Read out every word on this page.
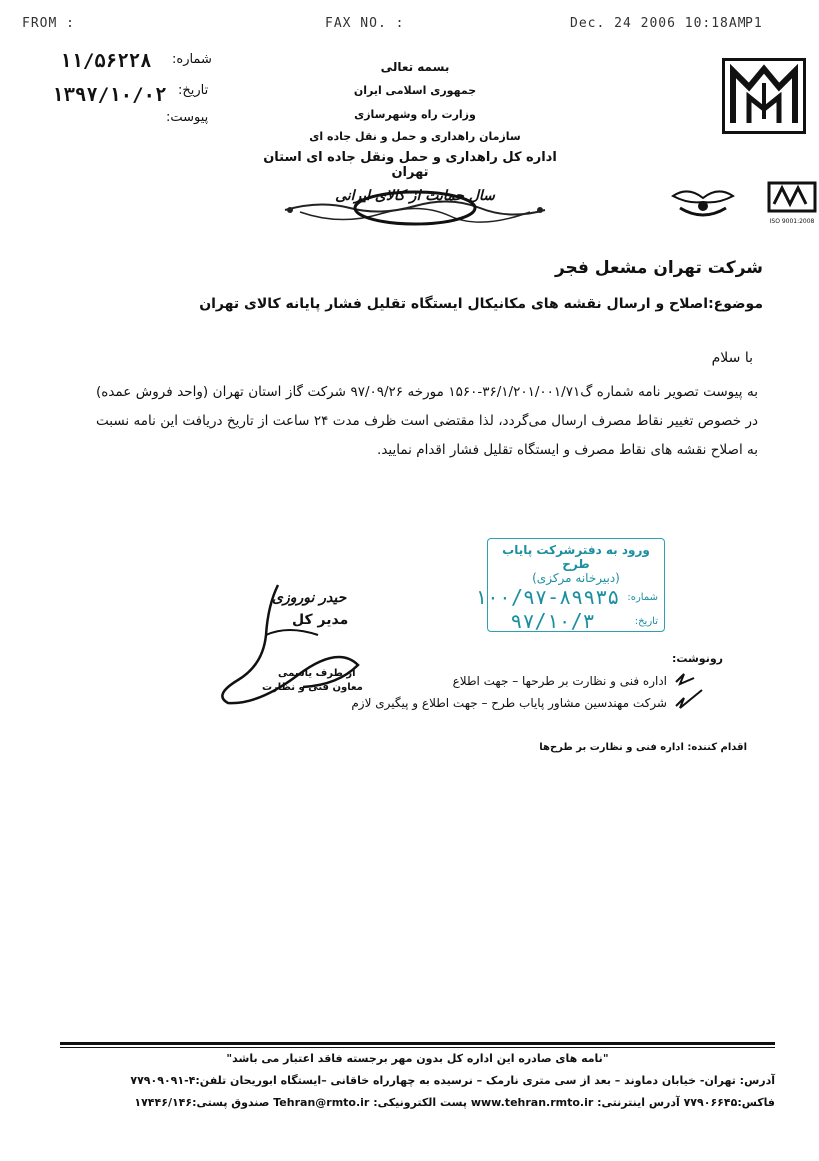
FROM :	FAX NO. :	Dec. 24 2006 10:18AM
P1
شماره:
۱۱/۵۶۲۲۸
تاریخ:
۱۳۹۷/۱۰/۰۲
پیوست:
بسمه تعالی
جمهوری اسلامی ایران
وزارت راه وشهرسازی
سازمان راهداری و حمل و نقل جاده ای
اداره کل راهداری و حمل ونقل جاده ای استان تهران
سال حمایت از کالای ایرانی
ISO 9001:2008
شرکت تهران مشعل فجر
موضوع:اصلاح و ارسال نقشه های مکانیکال ایستگاه تقلیل فشار پایانه کالای تهران
با سلام
به پیوست تصویر نامه شماره گ۳۶/۱/۲۰۱/۰۰۱/۷۱-۱۵۶۰ مورخه ۹۷/۰۹/۲۶ شرکت گاز استان تهران (واحد فروش عمده) در خصوص تغییر نقاط مصرف ارسال می‌گردد، لذا مقتضی است ظرف مدت ۲۴ ساعت از تاریخ دریافت این نامه نسبت به اصلاح نقشه های نقاط مصرف و ایستگاه تقلیل فشار اقدام نمایید.
ورود به دفترشرکت پایاب طرح
(دبیرخانه مرکزی)
شماره:
۱۰۰/۹۷-۸۹۹۳۵
تاریخ:
۹۷/۱۰/۳
حیدر نوروزی
مدیر کل
از طرف یاسمی
معاون فنی و نظارت
رونوشت:
اداره فنی و نظارت بر طرحها – جهت اطلاع
شرکت مهندسین مشاور پایاب طرح – جهت اطلاع و پیگیری لازم
اقدام کننده: اداره فنی و نظارت بر طرح‌ها
"نامه های صادره این اداره کل بدون مهر برجسته فاقد اعتبار می باشد"
آدرس: تهران- خیابان دماوند – بعد از سی متری نارمک – نرسیده به چهارراه خاقانی –ایستگاه ابوریحان تلفن:۴-۷۷۹۰۹۰۹۱
فاکس:۷۷۹۰۶۶۴۵ آدرس اینترنتی: www.tehran.rmto.ir پست الکترونیکی: Tehran@rmto.ir صندوق پستی:۱۷۴۴۶/۱۴۶
